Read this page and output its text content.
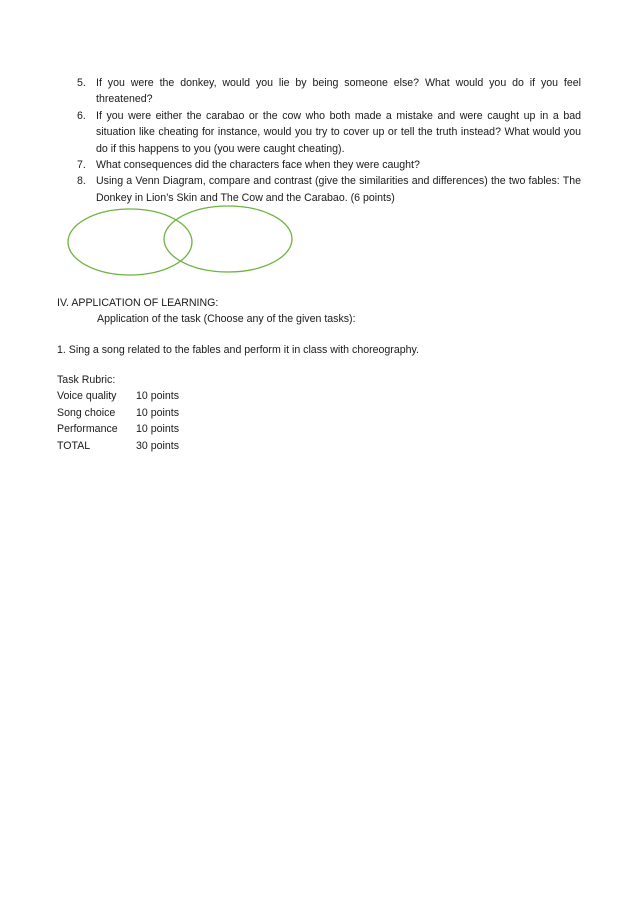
5. If you were the donkey, would you lie by being someone else? What would you do if you feel threatened?
6. If you were either the carabao or the cow who both made a mistake and were caught up in a bad situation like cheating for instance, would you try to cover up or tell the truth instead? What would you do if this happens to you (you were caught cheating).
7. What consequences did the characters face when they were caught?
8. Using a Venn Diagram, compare and contrast (give the similarities and differences) the two fables: The Donkey in Lion’s Skin and The Cow and the Carabao. (6 points)
IV. APPLICATION OF LEARNING:
Application of the task (Choose any of the given tasks):
1. Sing a song related to the fables and perform it in class with choreography.
Task Rubric:
Voice quality	10 points
Song choice	10 points
Performance	10 points
TOTAL	30 points
